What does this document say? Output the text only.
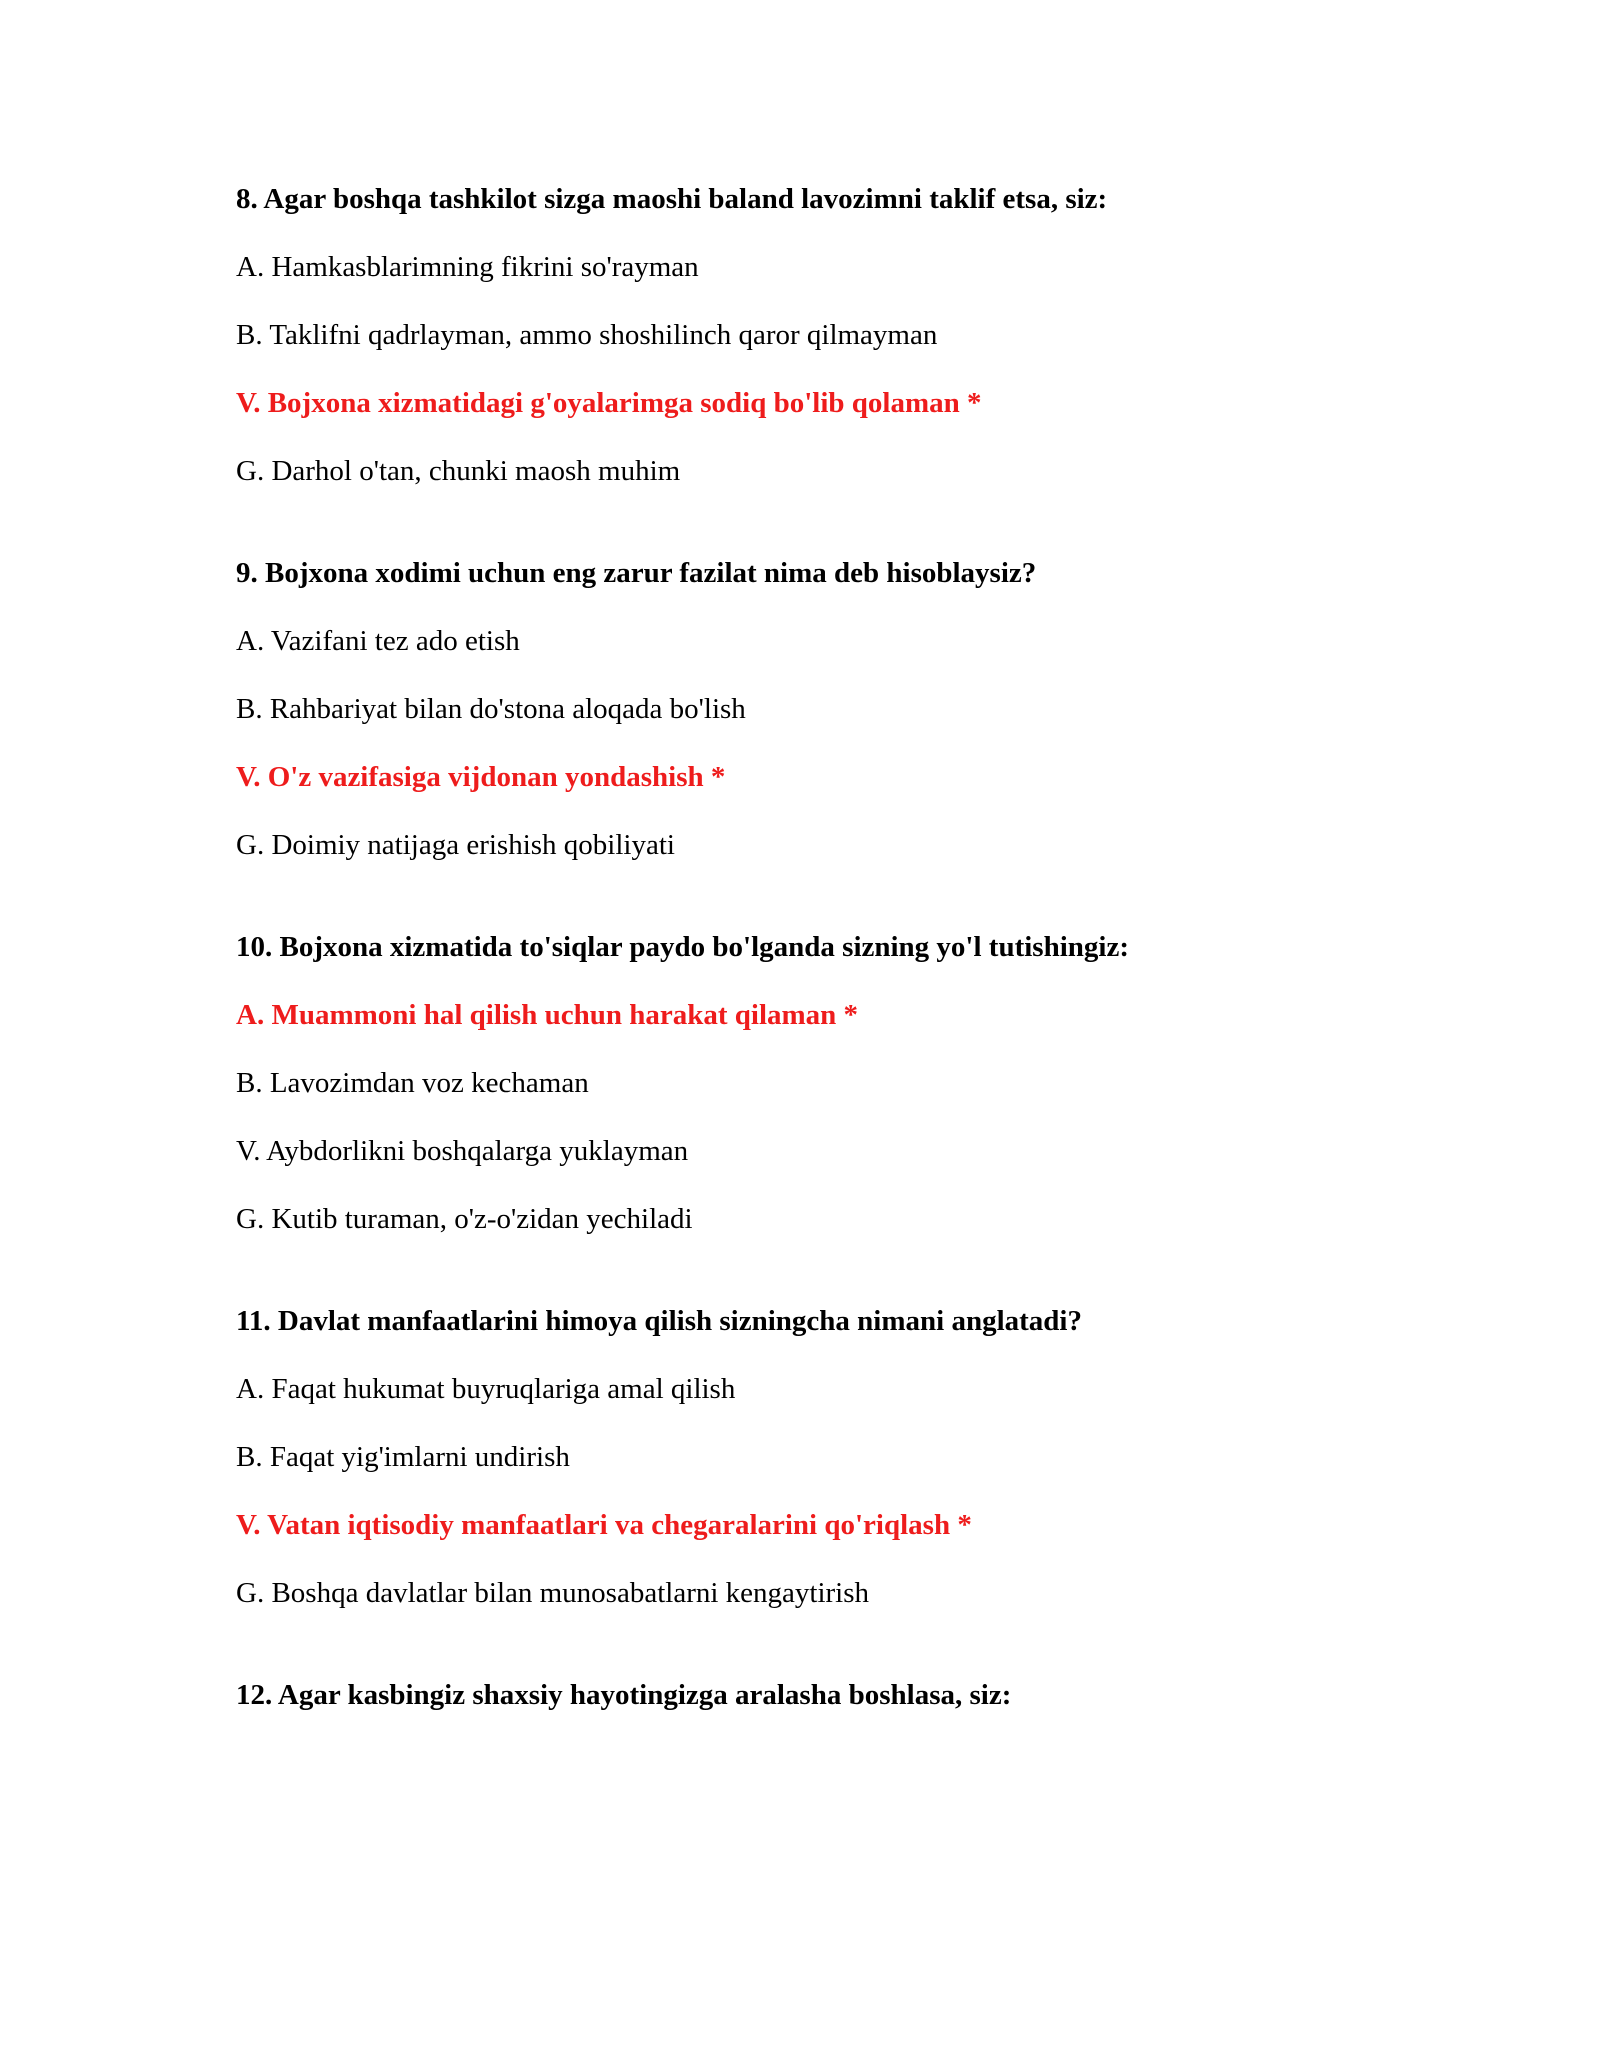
8. Agar boshqa tashkilot sizga maoshi baland lavozimni taklif etsa, siz:
A. Hamkasblarimning fikrini so'rayman
B. Taklifni qadrlayman, ammo shoshilinch qaror qilmayman
V. Bojxona xizmatidagi g'oyalarimga sodiq bo'lib qolaman *
G. Darhol o'tan, chunki maosh muhim
9. Bojxona xodimi uchun eng zarur fazilat nima deb hisoblaysiz?
A. Vazifani tez ado etish
B. Rahbariyat bilan do'stona aloqada bo'lish
V. O'z vazifasiga vijdonan yondashish *
G. Doimiy natijaga erishish qobiliyati
10. Bojxona xizmatida to'siqlar paydo bo'lganda sizning yo'l tutishingiz:
A. Muammoni hal qilish uchun harakat qilaman *
B. Lavozimdan voz kechaman
V. Aybdorlikni boshqalarga yuklayman
G. Kutib turaman, o'z-o'zidan yechiladi
11. Davlat manfaatlarini himoya qilish sizningcha nimani anglatadi?
A. Faqat hukumat buyruqlariga amal qilish
B. Faqat yig'imlarni undirish
V. Vatan iqtisodiy manfaatlari va chegaralarini qo'riqlash *
G. Boshqa davlatlar bilan munosabatlarni kengaytirish
12. Agar kasbingiz shaxsiy hayotingizga aralasha boshlasa, siz:
